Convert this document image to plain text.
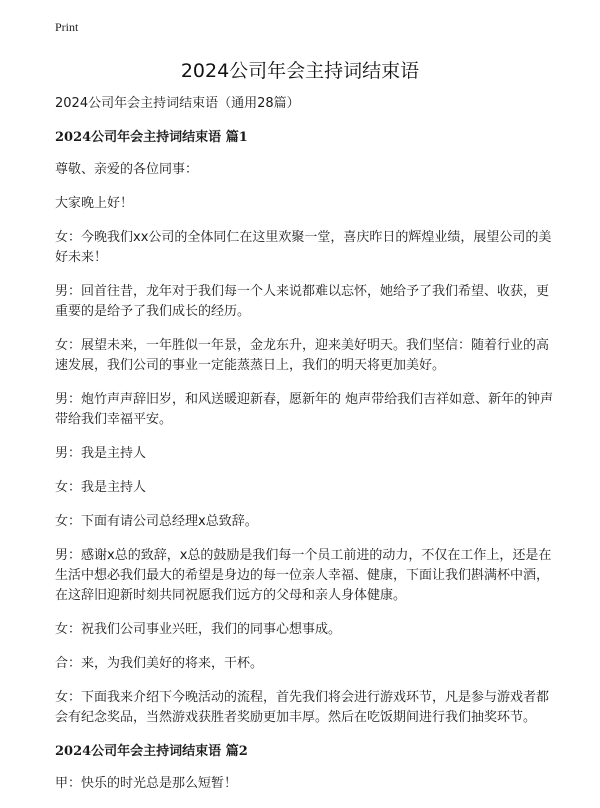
Print
2024公司年会主持词结束语

2024公司年会主持词结束语（通用28篇）

2024公司年会主持词结束语 篇1

尊敬、亲爱的各位同事：

大家晚上好！

女：今晚我们xx公司的全体同仁在这里欢聚一堂，喜庆昨日的辉煌业绩，展望公司的美好未来！

男：回首往昔，龙年对于我们每一个人来说都难以忘怀，她给予了我们希望、收获，更重要的是给予了我们成长的经历。

女：展望未来，一年胜似一年景，金龙东升，迎来美好明天。我们坚信：随着行业的高速发展，我们公司的事业一定能蒸蒸日上，我们的明天将更加美好。

男：炮竹声声辞旧岁，和风送暖迎新春，愿新年的 炮声带给我们吉祥如意、新年的钟声带给我们幸福平安。

男：我是主持人

女：我是主持人

女：下面有请公司总经理x总致辞。

男：感谢x总的致辞，x总的鼓励是我们每一个员工前进的动力，不仅在工作上，还是在生活中想必我们最大的希望是身边的每一位亲人幸福、健康，下面让我们斟满杯中酒，在这辞旧迎新时刻共同祝愿我们远方的父母和亲人身体健康。

女：祝我们公司事业兴旺，我们的同事心想事成。

合：来，为我们美好的将来，干杯。

女：下面我来介绍下今晚活动的流程，首先我们将会进行游戏环节，凡是参与游戏者都会有纪念奖品，当然游戏获胜者奖励更加丰厚。然后在吃饭期间进行我们抽奖环节。

2024公司年会主持词结束语 篇2

甲：快乐的时光总是那么短暂！
